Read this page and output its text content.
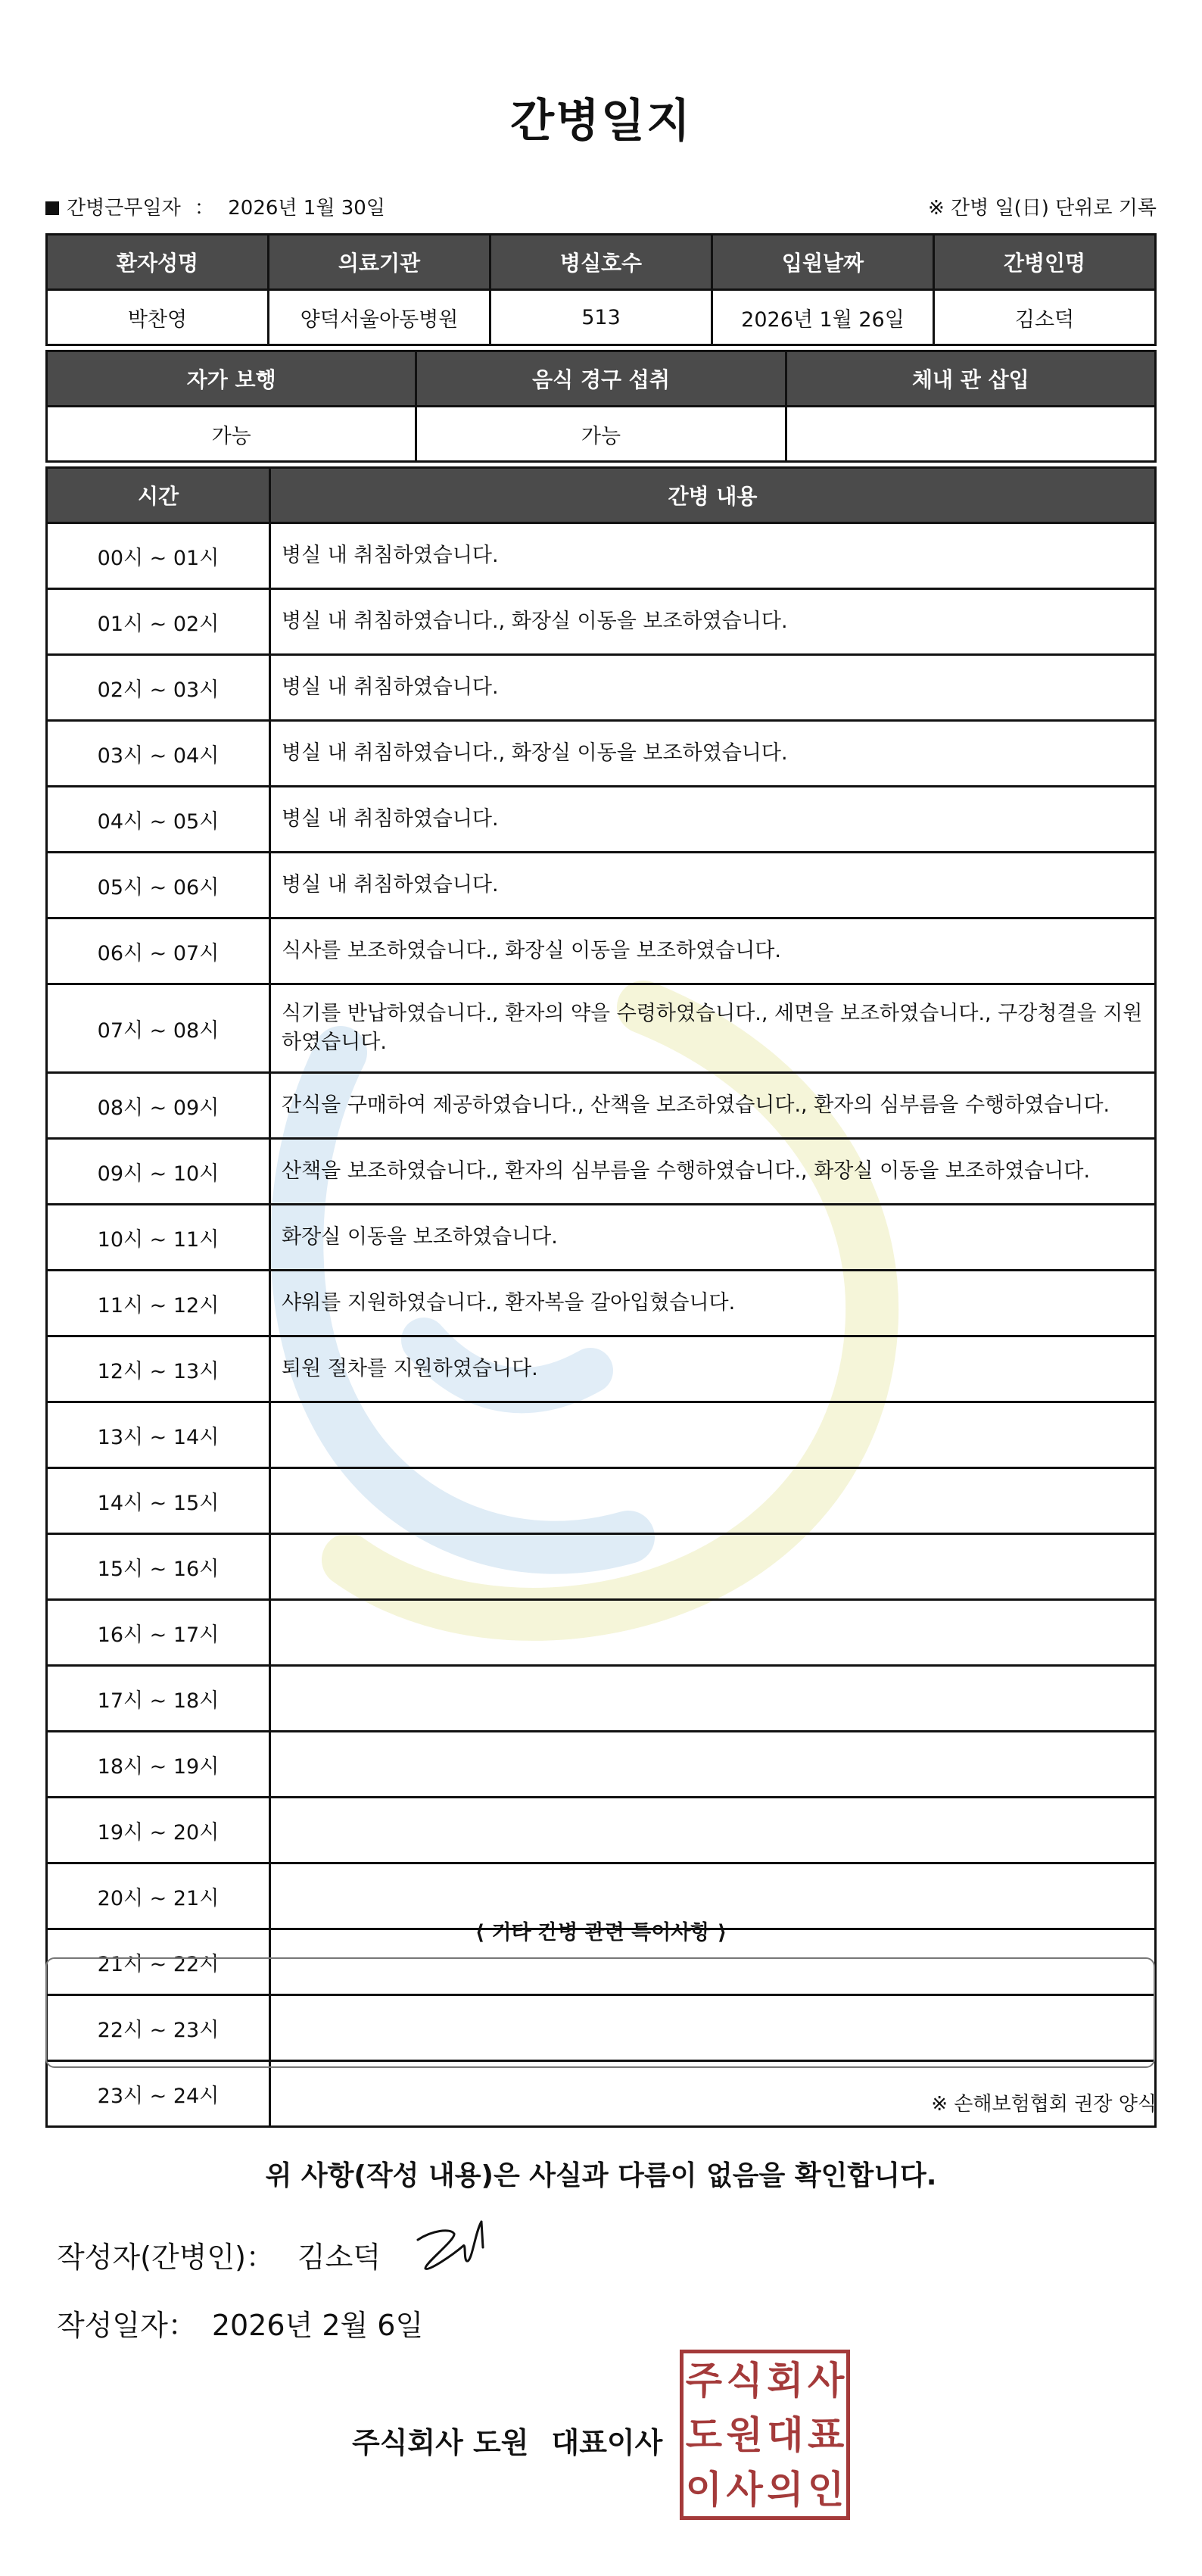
간병일지
간병근무일자 ： 2026년 1월 30일	※ 간병 일(日) 단위로 기록
환자성명	의료기관	병실호수	입원날짜	간병인명
박찬영	양덕서울아동병원	513	2026년 1월 26일	김소덕
자가 보행	음식 경구 섭취	체내 관 삽입
가능	가능	
시간	간병 내용
00시 ~ 01시	병실 내 취침하였습니다.
01시 ~ 02시	병실 내 취침하였습니다., 화장실 이동을 보조하였습니다.
02시 ~ 03시	병실 내 취침하였습니다.
03시 ~ 04시	병실 내 취침하였습니다., 화장실 이동을 보조하였습니다.
04시 ~ 05시	병실 내 취침하였습니다.
05시 ~ 06시	병실 내 취침하였습니다.
06시 ~ 07시	식사를 보조하였습니다., 화장실 이동을 보조하였습니다.
07시 ~ 08시	식기를 반납하였습니다., 환자의 약을 수령하였습니다., 세면을 보조하였습니다., 구강청결을 지원하였습니다.
08시 ~ 09시	간식을 구매하여 제공하였습니다., 산책을 보조하였습니다., 환자의 심부름을 수행하였습니다.
09시 ~ 10시	산책을 보조하였습니다., 환자의 심부름을 수행하였습니다., 화장실 이동을 보조하였습니다.
10시 ~ 11시	화장실 이동을 보조하였습니다.
11시 ~ 12시	샤워를 지원하였습니다., 환자복을 갈아입혔습니다.
12시 ~ 13시	퇴원 절차를 지원하였습니다.
13시 ~ 14시	
14시 ~ 15시	
15시 ~ 16시	
16시 ~ 17시	
17시 ~ 18시	
18시 ~ 19시	
19시 ~ 20시	
20시 ~ 21시	
21시 ~ 22시	
22시 ~ 23시	
23시 ~ 24시	
⟨ 기타 간병 관련 특이사항 ⟩
※ 손해보험협회 권장 양식
위 사항(작성 내용)은 사실과 다름이 없음을 확인합니다.
작성자(간병인)： 김소덕
작성일자： 2026년 2월 6일
주식회사 도원 대표이사
주 식 회 사
도 원 대 표
이 사 의 인
